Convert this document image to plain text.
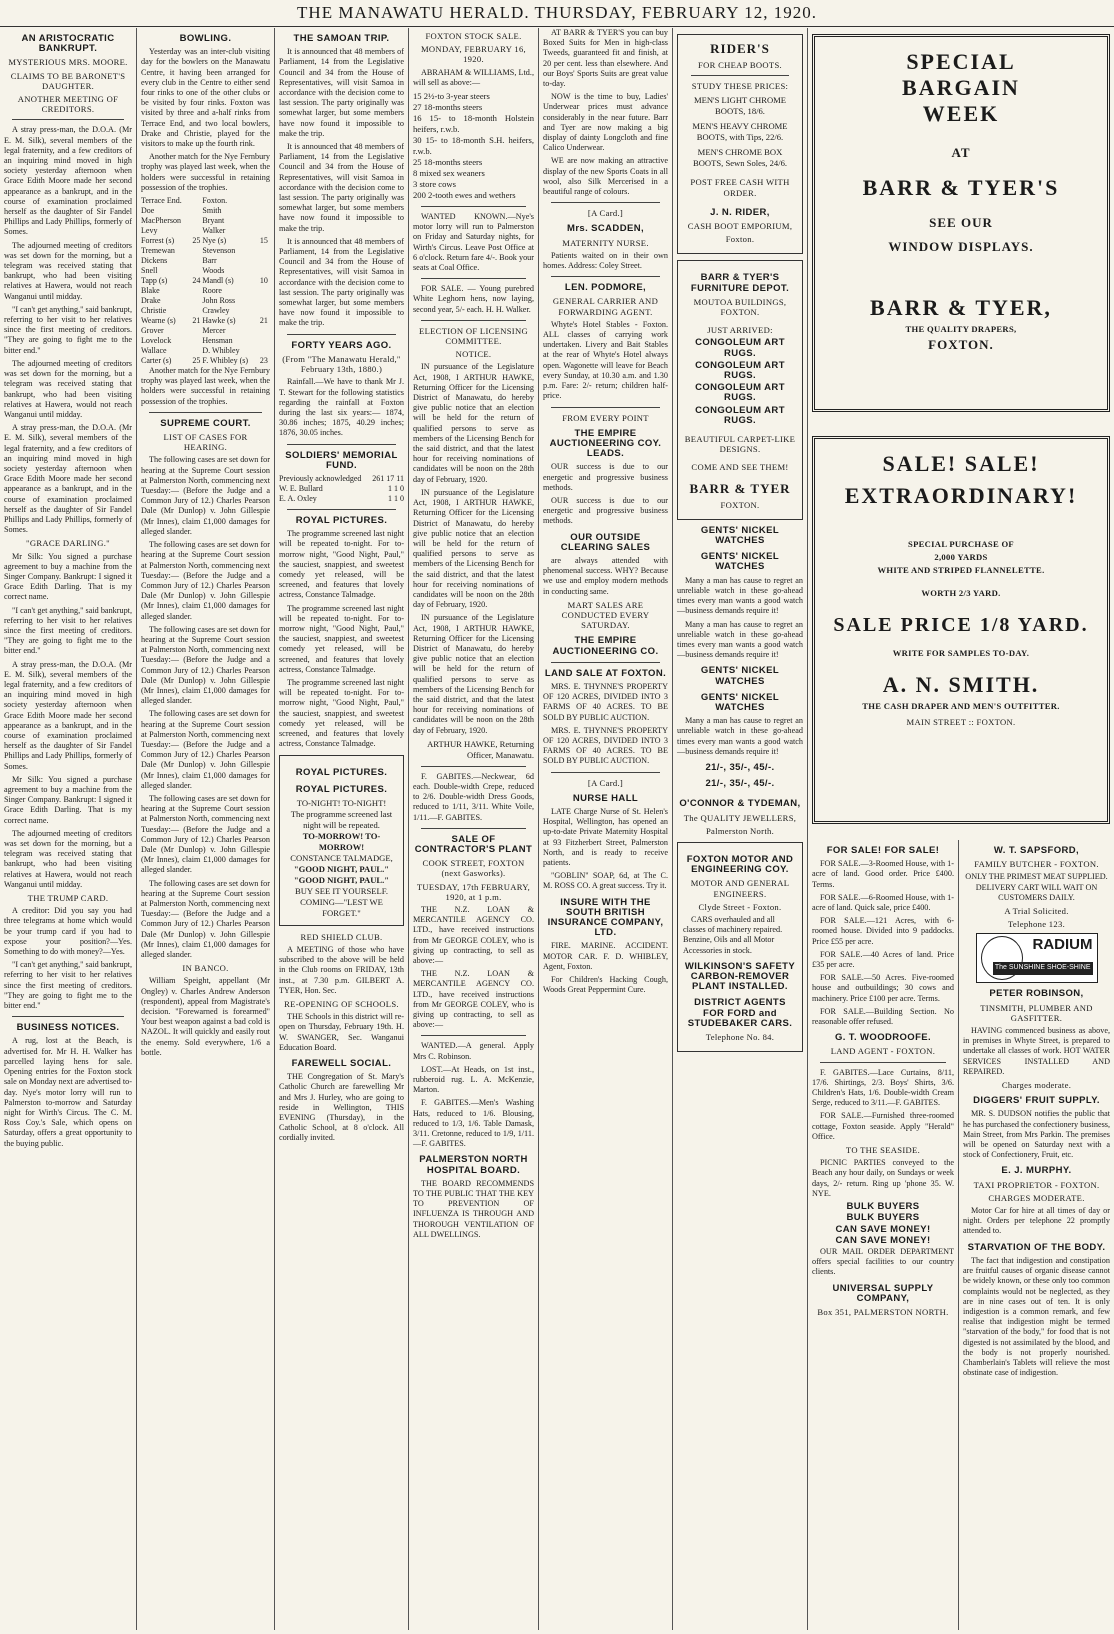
THE MANAWATU HERALD. THURSDAY, FEBRUARY 12, 1920.
AN ARISTOCRATIC BANKRUPT.
MYSTERIOUS MRS. MOORE.
CLAIMS TO BE BARONET'S DAUGHTER.
ANOTHER MEETING OF CREDITORS.

A stray press-man, the D.O.A. (Mr E. M. Silk), several members of the legal fraternity, and a few creditors of an inquiring mind moved in high society yesterday afternoon when Grace Edith Moore made her second appearance as a bankrupt, and in the course of examination proclaimed herself as the daughter of Sir Fandel Phillips and Lady Phillips, formerly of Somes.

The adjourned meeting of creditors was set down for the morning, but a telegram was received stating that bankrupt, who had been visiting relatives at Hawera, would not reach Wanganui until midday.

"I can't get anything," said bankrupt, referring to her visit to her relatives since the first meeting of creditors. "They are going to fight me to the bitter end."

The adjourned meeting of creditors was set down for the morning, but a telegram was received stating that bankrupt, who had been visiting relatives at Hawera, would not reach Wanganui until midday.

A stray press-man, the D.O.A. (Mr E. M. Silk), several members of the legal fraternity, and a few creditors of an inquiring mind moved in high society yesterday afternoon when Grace Edith Moore made her second appearance as a bankrupt, and in the course of examination proclaimed herself as the daughter of Sir Fandel Phillips and Lady Phillips, formerly of Somes.

"GRACE DARLING."

Mr Silk: You signed a purchase agreement to buy a machine from the Singer Company. Bankrupt: I signed it Grace Edith Darling. That is my correct name.

"I can't get anything," said bankrupt, referring to her visit to her relatives since the first meeting of creditors. "They are going to fight me to the bitter end."

A stray press-man, the D.O.A. (Mr E. M. Silk), several members of the legal fraternity, and a few creditors of an inquiring mind moved in high society yesterday afternoon when Grace Edith Moore made her second appearance as a bankrupt, and in the course of examination proclaimed herself as the daughter of Sir Fandel Phillips and Lady Phillips, formerly of Somes.

Mr Silk: You signed a purchase agreement to buy a machine from the Singer Company. Bankrupt: I signed it Grace Edith Darling. That is my correct name.

The adjourned meeting of creditors was set down for the morning, but a telegram was received stating that bankrupt, who had been visiting relatives at Hawera, would not reach Wanganui until midday.

THE TRUMP CARD.

A creditor: Did you say you had three telegrams at home which would be your trump card if you had to expose your position?—Yes. Something to do with money?—Yes.

"I can't get anything," said bankrupt, referring to her visit to her relatives since the first meeting of creditors. "They are going to fight me to the bitter end."

BUSINESS NOTICES.

A rug, lost at the Beach, is advertised for. Mr H. H. Walker has parcelled laying hens for sale. Opening entries for the Foxton stock sale on Monday next are advertised to-day. Nye's motor lorry will run to Palmerston to-morrow and Saturday night for Wirth's Circus. The C. M. Ross Coy.'s Sale, which opens on Saturday, offers a great opportunity to the buying public.

BOWLING.

Yesterday was an inter-club visiting day for the bowlers on the Manawatu Centre, it having been arranged for every club in the Centre to either send four rinks to one of the other clubs or be visited by four rinks. Foxton was visited by three and a-half rinks from Terrace End, and two local bowlers, Drake and Christie, played for the visitors to make up the fourth rink.

Another match for the Nye Fernbury trophy was played last week, when the holders were successful in retaining possession of the trophies.

Terrace End.		Foxton.	
Doe		Smith	
MacPherson		Bryant	
Levy		Walker	
Forrest (s)	25	Nye (s)	15
Tremewan		Stevenson	
Dickens		Barr	
Snell		Woods	
Tapp (s)	24	Mandl (s)	10
Blake		Roore	
Drake		John Ross	
Christie		Crawley	
Wearne (s)	21	Hawke (s)	21
Grover		Mercer	
Lovelock		Hensman	
Wallace		D. Whibley	
Carter (s)	25	F. Whibley (s)	23

Another match for the Nye Fernbury trophy was played last week, when the holders were successful in retaining possession of the trophies.

SUPREME COURT.
LIST OF CASES FOR HEARING.

The following cases are set down for hearing at the Supreme Court session at Palmerston North, commencing next Tuesday:— (Before the Judge and a Common Jury of 12.) Charles Pearson Dale (Mr Dunlop) v. John Gillespie (Mr Innes), claim £1,000 damages for alleged slander.

The following cases are set down for hearing at the Supreme Court session at Palmerston North, commencing next Tuesday:— (Before the Judge and a Common Jury of 12.) Charles Pearson Dale (Mr Dunlop) v. John Gillespie (Mr Innes), claim £1,000 damages for alleged slander.

The following cases are set down for hearing at the Supreme Court session at Palmerston North, commencing next Tuesday:— (Before the Judge and a Common Jury of 12.) Charles Pearson Dale (Mr Dunlop) v. John Gillespie (Mr Innes), claim £1,000 damages for alleged slander.

The following cases are set down for hearing at the Supreme Court session at Palmerston North, commencing next Tuesday:— (Before the Judge and a Common Jury of 12.) Charles Pearson Dale (Mr Dunlop) v. John Gillespie (Mr Innes), claim £1,000 damages for alleged slander.

The following cases are set down for hearing at the Supreme Court session at Palmerston North, commencing next Tuesday:— (Before the Judge and a Common Jury of 12.) Charles Pearson Dale (Mr Dunlop) v. John Gillespie (Mr Innes), claim £1,000 damages for alleged slander.

The following cases are set down for hearing at the Supreme Court session at Palmerston North, commencing next Tuesday:— (Before the Judge and a Common Jury of 12.) Charles Pearson Dale (Mr Dunlop) v. John Gillespie (Mr Innes), claim £1,000 damages for alleged slander.

IN BANCO.

William Speight, appellant (Mr Ongley) v. Charles Andrew Anderson (respondent), appeal from Magistrate's decision. "Forewarned is forearmed" Your best weapon against a bad cold is NAZOL. It will quickly and easily rout the enemy. Sold everywhere, 1/6 a bottle.

THE SAMOAN TRIP.

It is announced that 48 members of Parliament, 14 from the Legislative Council and 34 from the House of Representatives, will visit Samoa in accordance with the decision come to last session. The party originally was somewhat larger, but some members have now found it impossible to make the trip.

It is announced that 48 members of Parliament, 14 from the Legislative Council and 34 from the House of Representatives, will visit Samoa in accordance with the decision come to last session. The party originally was somewhat larger, but some members have now found it impossible to make the trip.

It is announced that 48 members of Parliament, 14 from the Legislative Council and 34 from the House of Representatives, will visit Samoa in accordance with the decision come to last session. The party originally was somewhat larger, but some members have now found it impossible to make the trip.

FORTY YEARS AGO.
(From "The Manawatu Herald," February 13th, 1880.)

Rainfall.—We have to thank Mr J. T. Stewart for the following statistics regarding the rainfall at Foxton during the last six years:— 1874, 30.86 inches; 1875, 40.29 inches; 1876, 30.05 inches.

SOLDIERS' MEMORIAL FUND.
Previously acknowledged	261 17 11
W. E. Bullard	1 1 0
E. A. Oxley	1 1 0
ROYAL PICTURES.

The programme screened last night will be repeated to-night. For to-morrow night, "Good Night, Paul," the sauciest, snappiest, and sweetest comedy yet released, will be screened, and features that lovely actress, Constance Talmadge.

The programme screened last night will be repeated to-night. For to-morrow night, "Good Night, Paul," the sauciest, snappiest, and sweetest comedy yet released, will be screened, and features that lovely actress, Constance Talmadge.

The programme screened last night will be repeated to-night. For to-morrow night, "Good Night, Paul," the sauciest, snappiest, and sweetest comedy yet released, will be screened, and features that lovely actress, Constance Talmadge.

ROYAL PICTURES.
ROYAL PICTURES.
TO-NIGHT! TO-NIGHT!
The programme screened last night will be repeated.
TO-MORROW! TO-MORROW!
CONSTANCE TALMADGE,
"GOOD NIGHT, PAUL."
"GOOD NIGHT, PAUL."
BUY SEE IT YOURSELF.
COMING—"LEST WE FORGET."
RED SHIELD CLUB.

A MEETING of those who have subscribed to the above will be held in the Club rooms on FRIDAY, 13th inst., at 7.30 p.m. GILBERT A. TYER, Hon. Sec.

RE-OPENING OF SCHOOLS.

THE Schools in this district will re-open on Thursday, February 19th. H. W. SWANGER, Sec. Wanganui Education Board.

FAREWELL SOCIAL.

THE Congregation of St. Mary's Catholic Church are farewelling Mr and Mrs J. Hurley, who are going to reside in Wellington, THIS EVENING (Thursday), in the Catholic School, at 8 o'clock. All cordially invited.

FOXTON STOCK SALE.
MONDAY, FEBRUARY 16, 1920.

ABRAHAM & WILLIAMS, Ltd., will sell as above:—

15 2½-to 3-year steers
27 18-months steers
16 15- to 18-month Holstein heifers, r.w.b.
30 15- to 18-month S.H. heifers, r.w.b.
25 18-months steers
8 mixed sex weaners
3 store cows
200 2-tooth ewes and wethers

WANTED KNOWN.—Nye's motor lorry will run to Palmerston on Friday and Saturday nights, for Wirth's Circus. Leave Post Office at 6 o'clock. Return fare 4/-. Book your seats at Coal Office.

FOR SALE. — Young purebred White Leghorn hens, now laying, second year, 5/- each. H. H. Walker.

ELECTION OF LICENSING COMMITTEE.
NOTICE.

IN pursuance of the Legislature Act, 1908, I ARTHUR HAWKE, Returning Officer for the Licensing District of Manawatu, do hereby give public notice that an election will be held for the return of qualified persons to serve as members of the Licensing Bench for the said district, and that the latest hour for receiving nominations of candidates will be noon on the 28th day of February, 1920.

IN pursuance of the Legislature Act, 1908, I ARTHUR HAWKE, Returning Officer for the Licensing District of Manawatu, do hereby give public notice that an election will be held for the return of qualified persons to serve as members of the Licensing Bench for the said district, and that the latest hour for receiving nominations of candidates will be noon on the 28th day of February, 1920.

IN pursuance of the Legislature Act, 1908, I ARTHUR HAWKE, Returning Officer for the Licensing District of Manawatu, do hereby give public notice that an election will be held for the return of qualified persons to serve as members of the Licensing Bench for the said district, and that the latest hour for receiving nominations of candidates will be noon on the 28th day of February, 1920.

ARTHUR HAWKE, Returning Officer, Manawatu.

F. GABITES.—Neckwear, 6d each. Double-width Crepe, reduced to 2/6. Double-width Dress Goods, reduced to 1/11, 3/11. White Voile, 1/11.—F. GABITES.

SALE OF CONTRACTOR'S PLANT
COOK STREET, FOXTON (next Gasworks).
TUESDAY, 17th FEBRUARY, 1920, at 1 p.m.

THE N.Z. LOAN & MERCANTILE AGENCY CO. LTD., have received instructions from Mr GEORGE COLEY, who is giving up contracting, to sell as above:—

THE N.Z. LOAN & MERCANTILE AGENCY CO. LTD., have received instructions from Mr GEORGE COLEY, who is giving up contracting, to sell as above:—

WANTED.—A general. Apply Mrs C. Robinson.

LOST.—At Heads, on 1st inst., rubberoid rug. L. A. McKenzie, Marton.

F. GABITES.—Men's Washing Hats, reduced to 1/6. Blousing, reduced to 1/3, 1/6. Table Damask, 3/11. Cretonne, reduced to 1/9, 1/11.—F. GABITES.

PALMERSTON NORTH HOSPITAL BOARD.

THE BOARD RECOMMENDS TO THE PUBLIC THAT THE KEY TO PREVENTION OF INFLUENZA IS THROUGH AND THOROUGH VENTILATION OF ALL DWELLINGS.

AT BARR & TYER'S you can buy Boxed Suits for Men in high-class Tweeds, guaranteed fit and finish, at 20 per cent. less than elsewhere. And our Boys' Sports Suits are great value to-day.

NOW is the time to buy, Ladies' Underwear prices must advance considerably in the near future. Barr and Tyer are now making a big display of dainty Longcloth and fine Calico Underwear.

WE are now making an attractive display of the new Sports Coats in all wool, also Silk Mercerised in a beautiful range of colours.

[A Card.]
Mrs. SCADDEN,
MATERNITY NURSE.

Patients waited on in their own homes. Address: Coley Street.

LEN. PODMORE,
GENERAL CARRIER AND FORWARDING AGENT.

Whyte's Hotel Stables - Foxton. ALL classes of carrying work undertaken. Livery and Bait Stables at the rear of Whyte's Hotel always open. Wagonette will leave for Beach every Sunday, at 10.30 a.m. and 1.30 p.m. Fare: 2/- return; children half-price.

FROM EVERY POINT
THE EMPIRE AUCTIONEERING COY. LEADS.

OUR success is due to our energetic and progressive business methods.

OUR success is due to our energetic and progressive business methods.

OUR OUTSIDE CLEARING SALES

are always attended with phenomenal success. WHY? Because we use and employ modern methods in conducting same.

MART SALES ARE CONDUCTED EVERY SATURDAY.
THE EMPIRE AUCTIONEERING CO.
LAND SALE AT FOXTON.

MRS. E. THYNNE'S PROPERTY OF 120 ACRES, DIVIDED INTO 3 FARMS OF 40 ACRES. TO BE SOLD BY PUBLIC AUCTION.

MRS. E. THYNNE'S PROPERTY OF 120 ACRES, DIVIDED INTO 3 FARMS OF 40 ACRES. TO BE SOLD BY PUBLIC AUCTION.

[A Card.]
NURSE HALL

LATE Charge Nurse of St. Helen's Hospital, Wellington, has opened an up-to-date Private Maternity Hospital at 93 Fitzherbert Street, Palmerston North, and is ready to receive patients.

"GOBLIN" SOAP, 6d, at The C. M. ROSS CO. A great success. Try it.

INSURE WITH THE SOUTH BRITISH INSURANCE COMPANY, LTD.

FIRE. MARINE. ACCIDENT. MOTOR CAR. F. D. WHIBLEY, Agent, Foxton.

For Children's Hacking Cough, Woods Great Peppermint Cure.

RIDER'S
FOR CHEAP BOOTS.
STUDY THESE PRICES:
MEN'S LIGHT CHROME BOOTS, 18/6.
MEN'S HEAVY CHROME BOOTS, with Tips, 22/6.
MEN'S CHROME BOX BOOTS, Sewn Soles, 24/6.
POST FREE CASH WITH ORDER.
J. N. RIDER,
CASH BOOT EMPORIUM,
Foxton.
BARR & TYER'S FURNITURE DEPOT.
MOUTOA BUILDINGS, FOXTON.
JUST ARRIVED:
CONGOLEUM ART RUGS.
CONGOLEUM ART RUGS.
CONGOLEUM ART RUGS.
CONGOLEUM ART RUGS.
BEAUTIFUL CARPET-LIKE DESIGNS.
COME AND SEE THEM!
BARR & TYER
FOXTON.
GENTS' NICKEL WATCHES
GENTS' NICKEL WATCHES

Many a man has cause to regret an unreliable watch in these go-ahead times every man wants a good watch—business demands require it!

Many a man has cause to regret an unreliable watch in these go-ahead times every man wants a good watch—business demands require it!

GENTS' NICKEL WATCHES
GENTS' NICKEL WATCHES

Many a man has cause to regret an unreliable watch in these go-ahead times every man wants a good watch—business demands require it!

21/-, 35/-, 45/-.
21/-, 35/-, 45/-.
O'CONNOR & TYDEMAN,
The QUALITY JEWELLERS,
Palmerston North.
FOXTON MOTOR AND ENGINEERING COY.
MOTOR AND GENERAL ENGINEERS.
Clyde Street - Foxton.

CARS overhauled and all classes of machinery repaired. Benzine, Oils and all Motor Accessories in stock.

WILKINSON'S SAFETY CARBON-REMOVER PLANT INSTALLED.
DISTRICT AGENTS FOR FORD and STUDEBAKER CARS.
Telephone No. 84.
SPECIAL
BARGAIN
WEEK
AT
BARR & TYER'S
SEE OUR
WINDOW DISPLAYS.
BARR & TYER,
THE QUALITY DRAPERS,
FOXTON.
SALE! SALE!
EXTRAORDINARY!
SPECIAL PURCHASE OF
2,000 YARDS
WHITE AND STRIPED FLANNELETTE.
WORTH 2/3 YARD.
SALE PRICE 1/8 YARD.
WRITE FOR SAMPLES TO-DAY.
A. N. SMITH.
THE CASH DRAPER AND MEN'S OUTFITTER.
MAIN STREET :: FOXTON.
FOR SALE! FOR SALE!

FOR SALE.—3-Roomed House, with 1-acre of land. Good order. Price £400. Terms.

FOR SALE.—6-Roomed House, with 1-acre of land. Quick sale, price £400.

FOR SALE.—121 Acres, with 6-roomed house. Divided into 9 paddocks. Price £55 per acre.

FOR SALE.—40 Acres of land. Price £35 per acre.

FOR SALE.—50 Acres. Five-roomed house and outbuildings; 30 cows and machinery. Price £100 per acre. Terms.

FOR SALE.—Building Section. No reasonable offer refused.

G. T. WOODROOFE.
LAND AGENT - FOXTON.

F. GABITES.—Lace Curtains, 8/11, 17/6. Shirtings, 2/3. Boys' Shirts, 3/6. Children's Hats, 1/6. Double-width Cream Serge, reduced to 3/11.—F. GABITES.

FOR SALE.—Furnished three-roomed cottage, Foxton seaside. Apply "Herald" Office.

TO THE SEASIDE.

PICNIC PARTIES conveyed to the Beach any hour daily, on Sundays or week days, 2/- return. Ring up 'phone 35. W. NYE.

BULK BUYERS
BULK BUYERS
CAN SAVE MONEY!
CAN SAVE MONEY!

OUR MAIL ORDER DEPARTMENT offers special facilities to our country clients.

UNIVERSAL SUPPLY COMPANY,
Box 351, PALMERSTON NORTH.
W. T. SAPSFORD,
FAMILY BUTCHER - FOXTON.

ONLY THE PRIMEST MEAT SUPPLIED. DELIVERY CART WILL WAIT ON CUSTOMERS DAILY.

A Trial Solicited.
Telephone 123.
RADIUM
The SUNSHINE SHOE-SHINE
PETER ROBINSON,
TINSMITH, PLUMBER AND GASFITTER.

HAVING commenced business as above, in premises in Whyte Street, is prepared to undertake all classes of work. HOT WATER SERVICES INSTALLED AND REPAIRED.

Charges moderate.
DIGGERS' FRUIT SUPPLY.

MR. S. DUDSON notifies the public that he has purchased the confectionery business, Main Street, from Mrs Parkin. The premises will be opened on Saturday next with a stock of Confectionery, Fruit, etc.

E. J. MURPHY.
TAXI PROPRIETOR - FOXTON.
CHARGES MODERATE.

Motor Car for hire at all times of day or night. Orders per telephone 22 promptly attended to.

STARVATION OF THE BODY.

The fact that indigestion and constipation are fruitful causes of organic disease cannot be widely known, or these only too common complaints would not be neglected, as they are in nine cases out of ten. It is only indigestion is a common remark, and few realise that indigestion might be termed "starvation of the body," for food that is not digested is not assimilated by the blood, and the body is not properly nourished. Chamberlain's Tablets will relieve the most obstinate case of indigestion.
